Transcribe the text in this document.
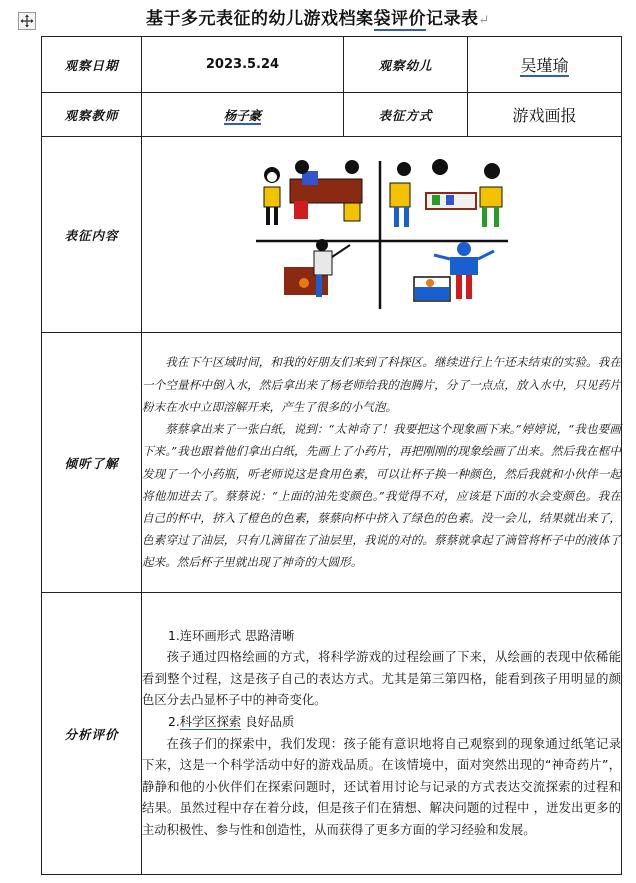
基于多元表征的幼儿游戏档案袋评价记录表↵
观察日期	2023.5.24	观察幼儿	吴瑾瑜
观察教师	杨子豪	表征方式	游戏画报
表征内容	

倾听了解	我在下午区域时间，和我的好朋友们来到了科探区。继续进行上午还未结束的实验。我在一个空量杯中倒入水，然后拿出来了杨老师给我的泡腾片，分了一点点，放入水中，只见药片粉末在水中立即溶解开来，产生了很多的小气泡。

蔡蔡拿出来了一张白纸，说到：“太神奇了！我要把这个现象画下来。”婷婷说，“我也要画下来。”我也跟着他们拿出白纸，先画上了小药片，再把刚刚的现象绘画了出来。然后我在框中发现了一个小药瓶，听老师说这是食用色素，可以让杯子换一种颜色，然后我就和小伙伴一起将他加进去了。蔡蔡说：“上面的油先变颜色。”我觉得不对，应该是下面的水会变颜色。我在自己的杯中，挤入了橙色的色素，蔡蔡向杯中挤入了绿色的色素。没一会儿，结果就出来了，色素穿过了油层，只有几滴留在了油层里，我说的对的。蔡蔡就拿起了滴管将杯子中的液体了起来。然后杯子里就出现了神奇的大圆形。		

分析评价	1.连环画形式 思路清晰

孩子通过四格绘画的方式，将科学游戏的过程绘画了下来，从绘画的表现中依稀能看到整个过程，这是孩子自己的表达方式。尤其是第三第四格，能看到孩子用明显的颜色区分去凸显杯子中的神奇变化。

2.科学区探索 良好品质

在孩子们的探索中，我们发现：孩子能有意识地将自己观察到的现象通过纸笔记录下来，这是一个科学活动中好的游戏品质。在该情境中，面对突然出现的“神奇药片”，静静和他的小伙伴们在探索问题时，还试着用讨论与记录的方式表达交流探索的过程和结果。虽然过程中存在着分歧，但是孩子们在猜想、解决问题的过程中 ，迸发出更多的主动积极性、参与性和创造性，从而获得了更多方面的学习经验和发展。		
